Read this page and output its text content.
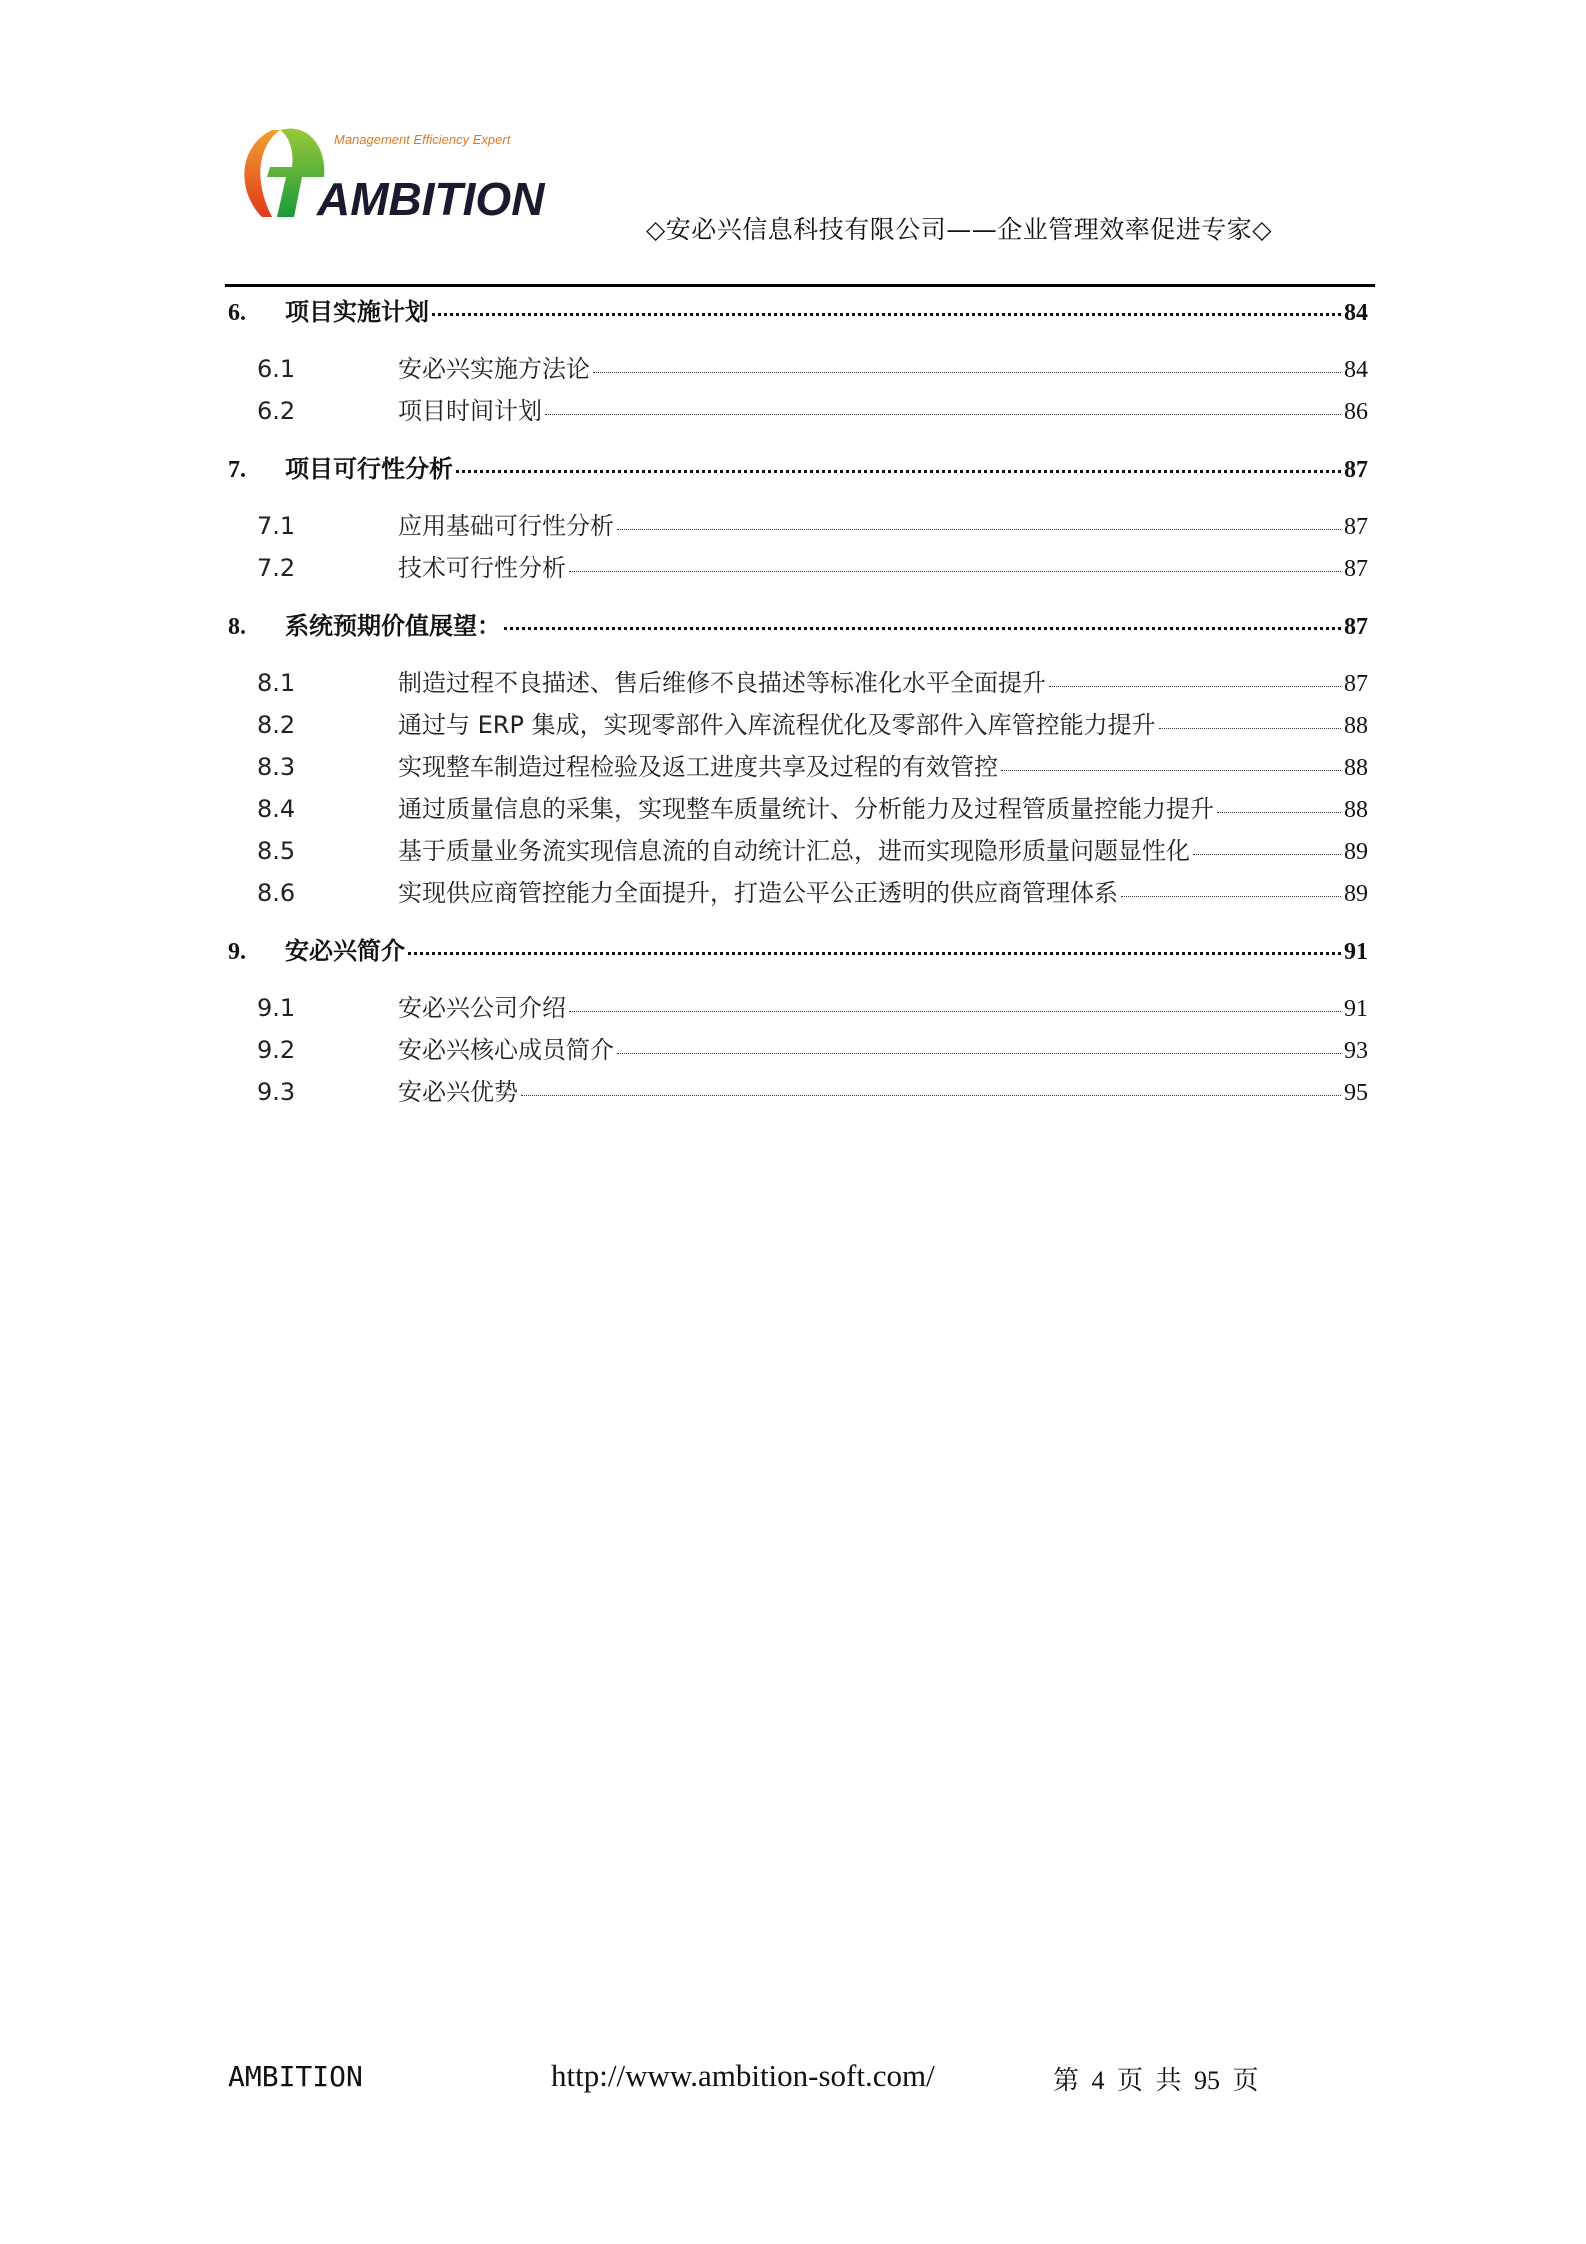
AMBITION
Management Efficiency Expert
◇安必兴信息科技有限公司——企业管理效率促进专家◇
AMBITION	http://www.ambition-soft.com/	第 4 页 共 95 页
6.	项目实施计划	84
6.1	安必兴实施方法论	84
6.2	项目时间计划	86
7.	项目可行性分析	87
7.1	应用基础可行性分析	87
7.2	技术可行性分析	87
8.	系统预期价值展望：	87
8.1	制造过程不良描述、售后维修不良描述等标准化水平全面提升	87
8.2	通过与 ERP 集成，实现零部件入库流程优化及零部件入库管控能力提升	88
8.3	实现整车制造过程检验及返工进度共享及过程的有效管控	88
8.4	通过质量信息的采集，实现整车质量统计、分析能力及过程管质量控能力提升	88
8.5	基于质量业务流实现信息流的自动统计汇总，进而实现隐形质量问题显性化	89
8.6	实现供应商管控能力全面提升，打造公平公正透明的供应商管理体系	89
9.	安必兴简介	91
9.1	安必兴公司介绍	91
9.2	安必兴核心成员简介	93
9.3	安必兴优势	95
